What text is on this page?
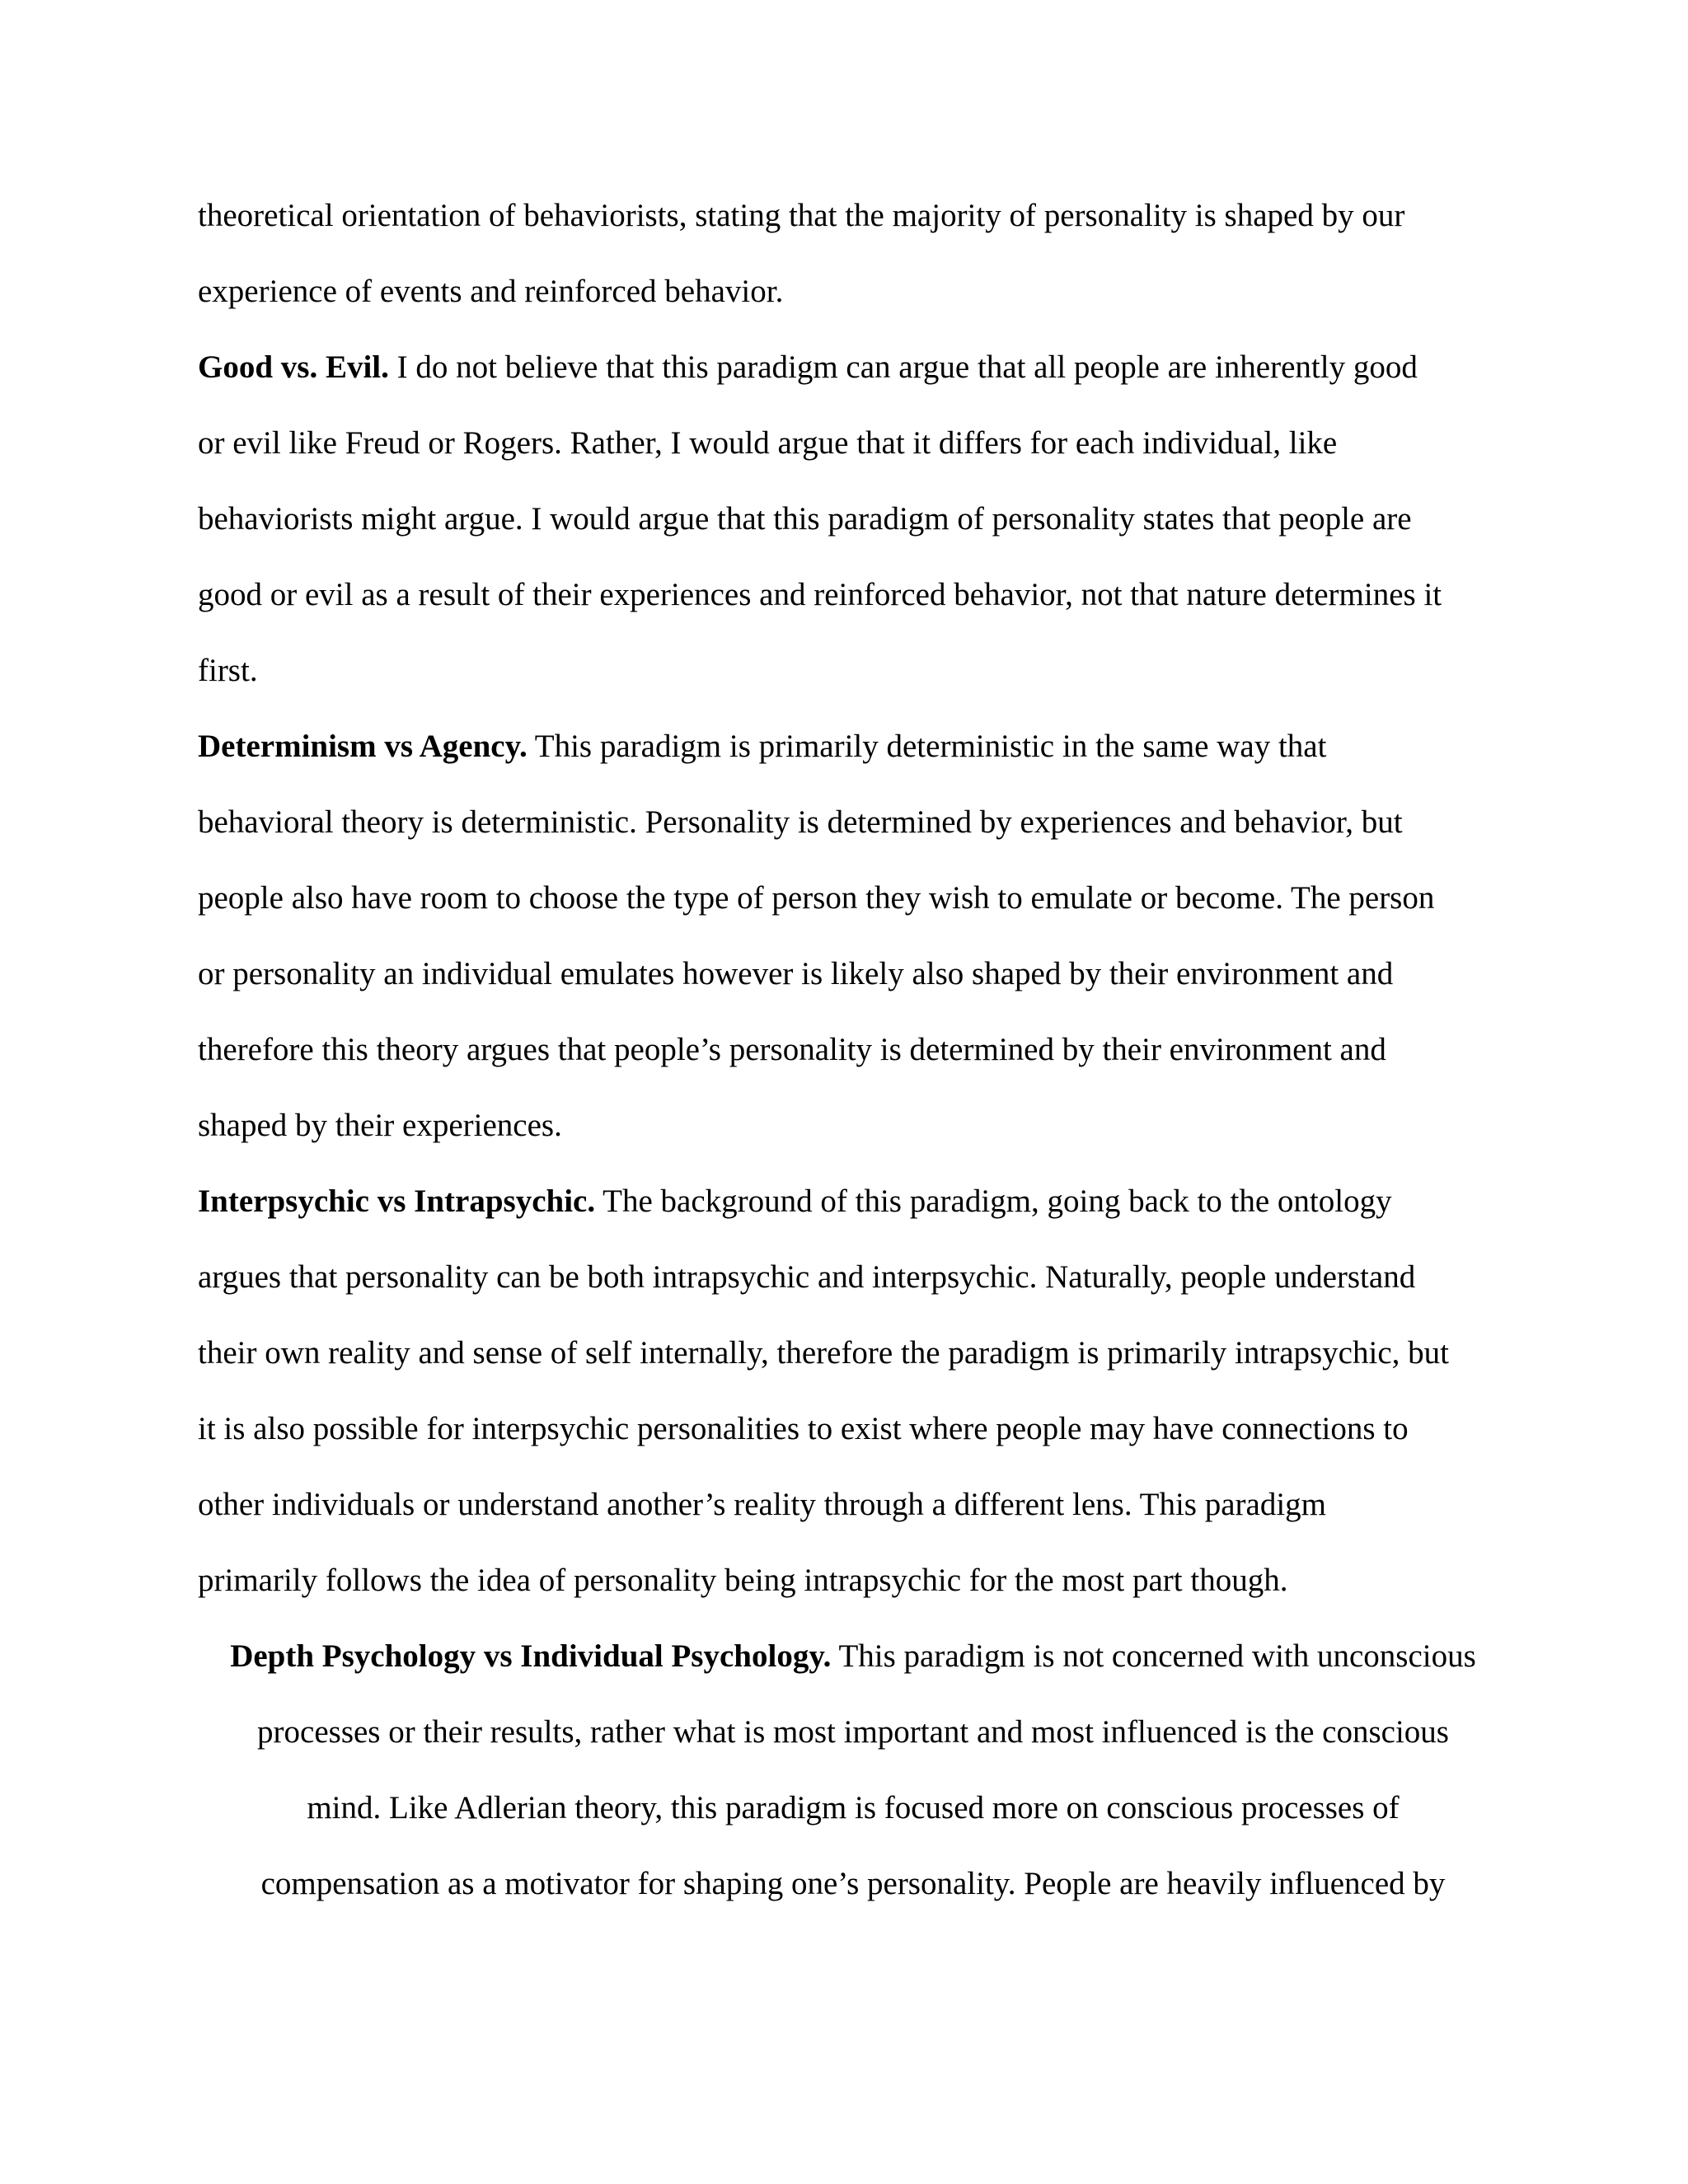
theoretical orientation of behaviorists, stating that the majority of personality is shaped by our
experience of events and reinforced behavior.
Good vs. Evil. I do not believe that this paradigm can argue that all people are inherently good
or evil like Freud or Rogers. Rather, I would argue that it differs for each individual, like
behaviorists might argue. I would argue that this paradigm of personality states that people are
good or evil as a result of their experiences and reinforced behavior, not that nature determines it
first.
Determinism vs Agency. This paradigm is primarily deterministic in the same way that
behavioral theory is deterministic. Personality is determined by experiences and behavior, but
people also have room to choose the type of person they wish to emulate or become. The person
or personality an individual emulates however is likely also shaped by their environment and
therefore this theory argues that people’s personality is determined by their environment and
shaped by their experiences.
Interpsychic vs Intrapsychic. The background of this paradigm, going back to the ontology
argues that personality can be both intrapsychic and interpsychic. Naturally, people understand
their own reality and sense of self internally, therefore the paradigm is primarily intrapsychic, but
it is also possible for interpsychic personalities to exist where people may have connections to
other individuals or understand another’s reality through a different lens. This paradigm
primarily follows the idea of personality being intrapsychic for the most part though.
Depth Psychology vs Individual Psychology. This paradigm is not concerned with unconscious
processes or their results, rather what is most important and most influenced is the conscious
mind. Like Adlerian theory, this paradigm is focused more on conscious processes of
compensation as a motivator for shaping one’s personality. People are heavily influenced by
